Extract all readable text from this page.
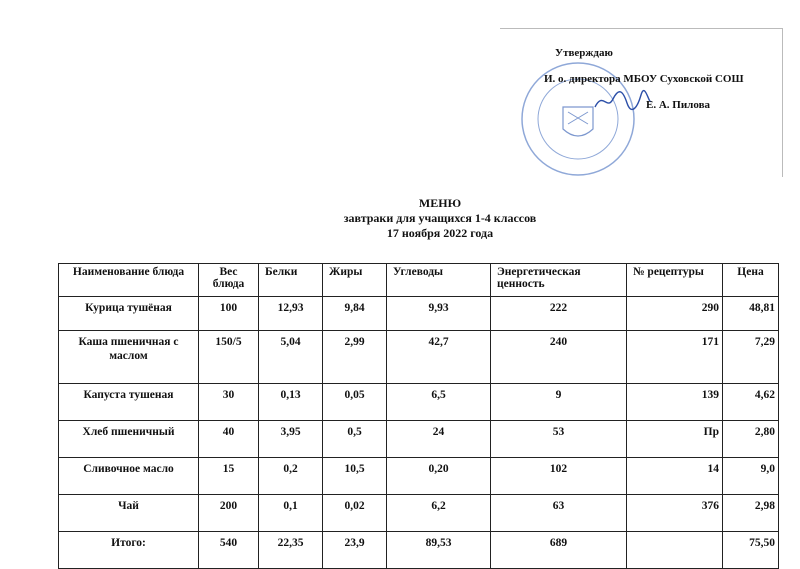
Утверждаю
И. о. директора МБОУ Суховской СОШ
Е. А. Пилова
МЕНЮ
завтраки для учащихся 1-4 классов
17 ноября 2022 года
Наименование блюда	Вес блюда	Белки	Жиры	Углеводы	Энергетическая ценность	№ рецептуры	Цена
Курица тушёная	100	12,93	9,84	9,93	222	290	48,81
Каша пшеничная с маслом	150/5	5,04	2,99	42,7	240	171	7,29
Капуста тушеная	30	0,13	0,05	6,5	9	139	4,62
Хлеб пшеничный	40	3,95	0,5	24	53	Пр	2,80
Сливочное масло	15	0,2	10,5	0,20	102	14	9,0
Чай	200	0,1	0,02	6,2	63	376	2,98
Итого:	540	22,35	23,9	89,53	689		75,50
